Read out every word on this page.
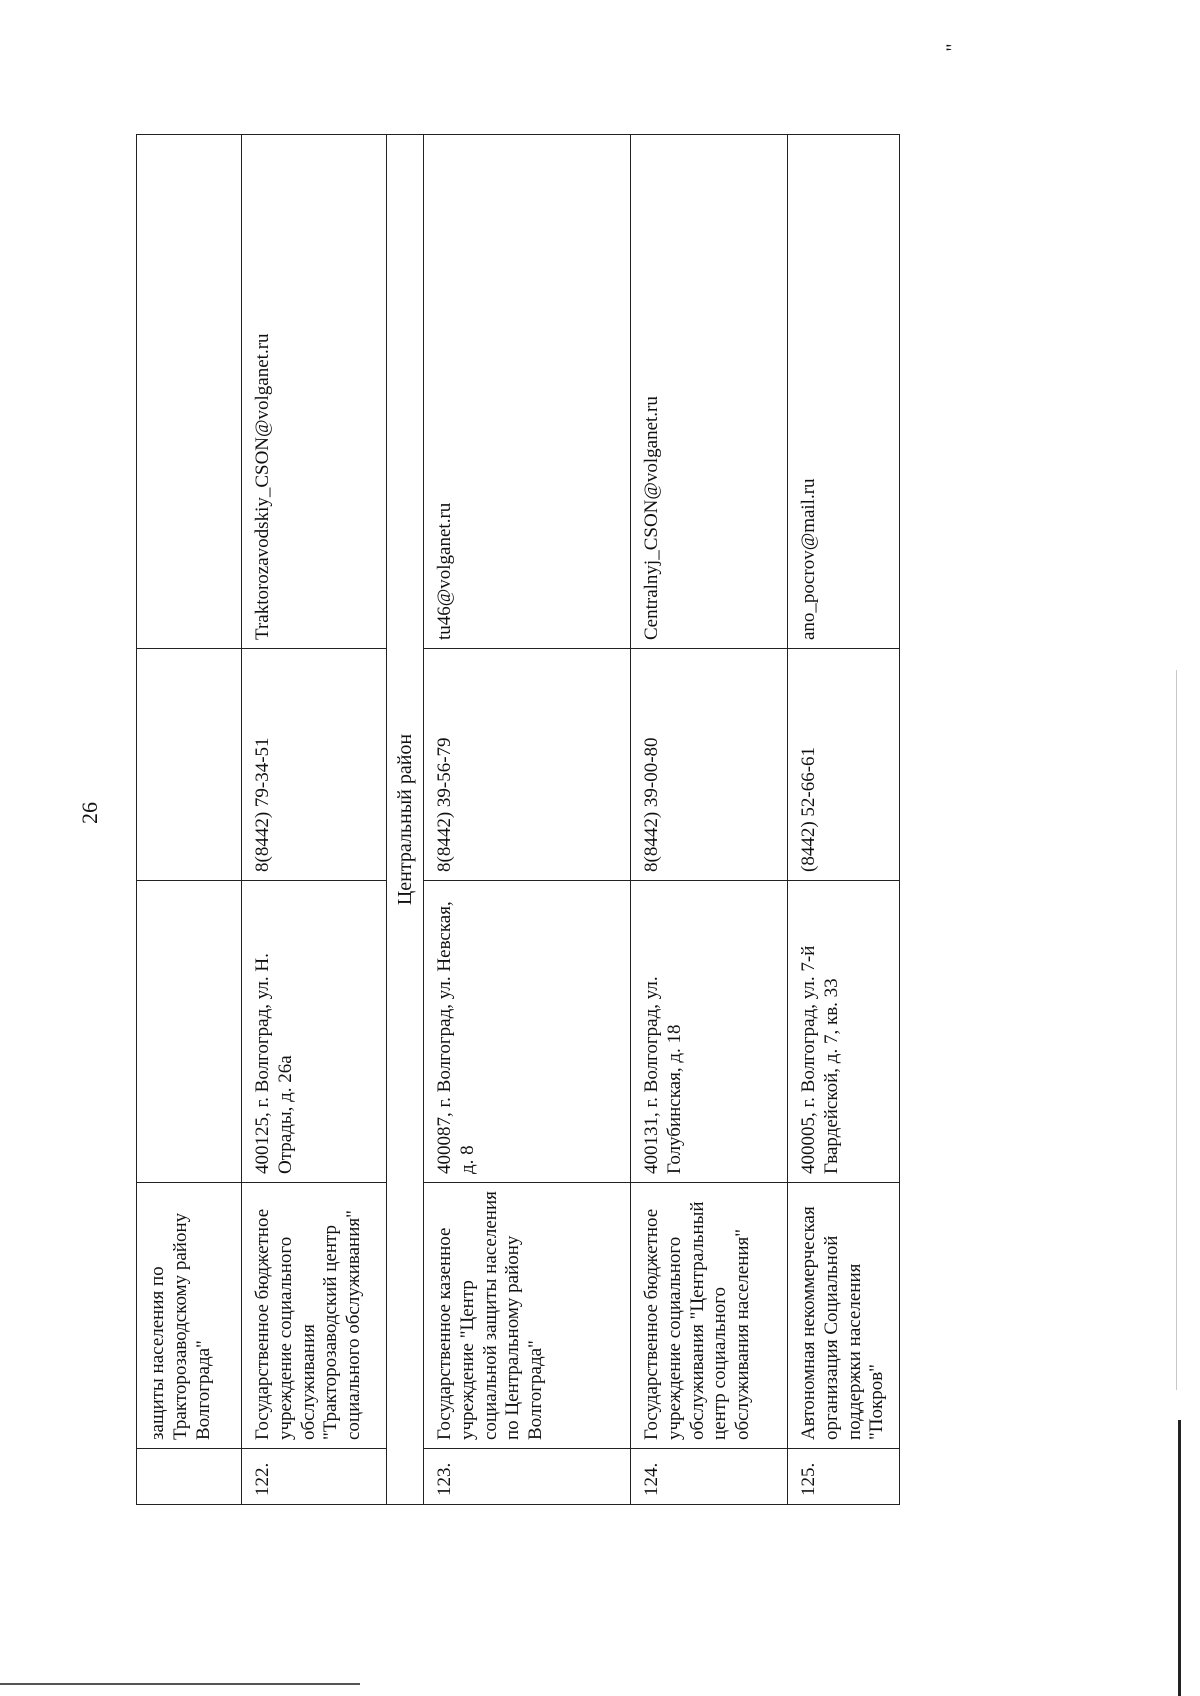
26
"
	защиты населения по Тракторозаводскому району Волгограда"			
122.	Государственное бюджетное учреждение социального обслуживания "Тракторозаводский центр социального обслуживания"	400125, г. Волгоград, ул. Н. Отрады, д. 26а	8(8442) 79-34-51	Traktorozavodskiy_CSON@volganet.ru
Центральный район				
123.	Государственное казенное учреждение "Центр социальной защиты населения по Центральному району Волгограда"	400087, г. Волгоград, ул. Невская, д. 8	8(8442) 39-56-79	tu46@volganet.ru
124.	Государственное бюджетное учреждение социального обслуживания "Центральный центр социального обслуживания населения"	400131, г. Волгоград, ул. Голубинская, д. 18	8(8442) 39-00-80	Centralnyj_CSON@volganet.ru
125.	Автономная некоммерческая организация Социальной поддержки населения "Покров"	400005, г. Волгоград, ул. 7-й Гвардейской, д. 7, кв. 33	(8442) 52-66-61	ano_pocrov@mail.ru
